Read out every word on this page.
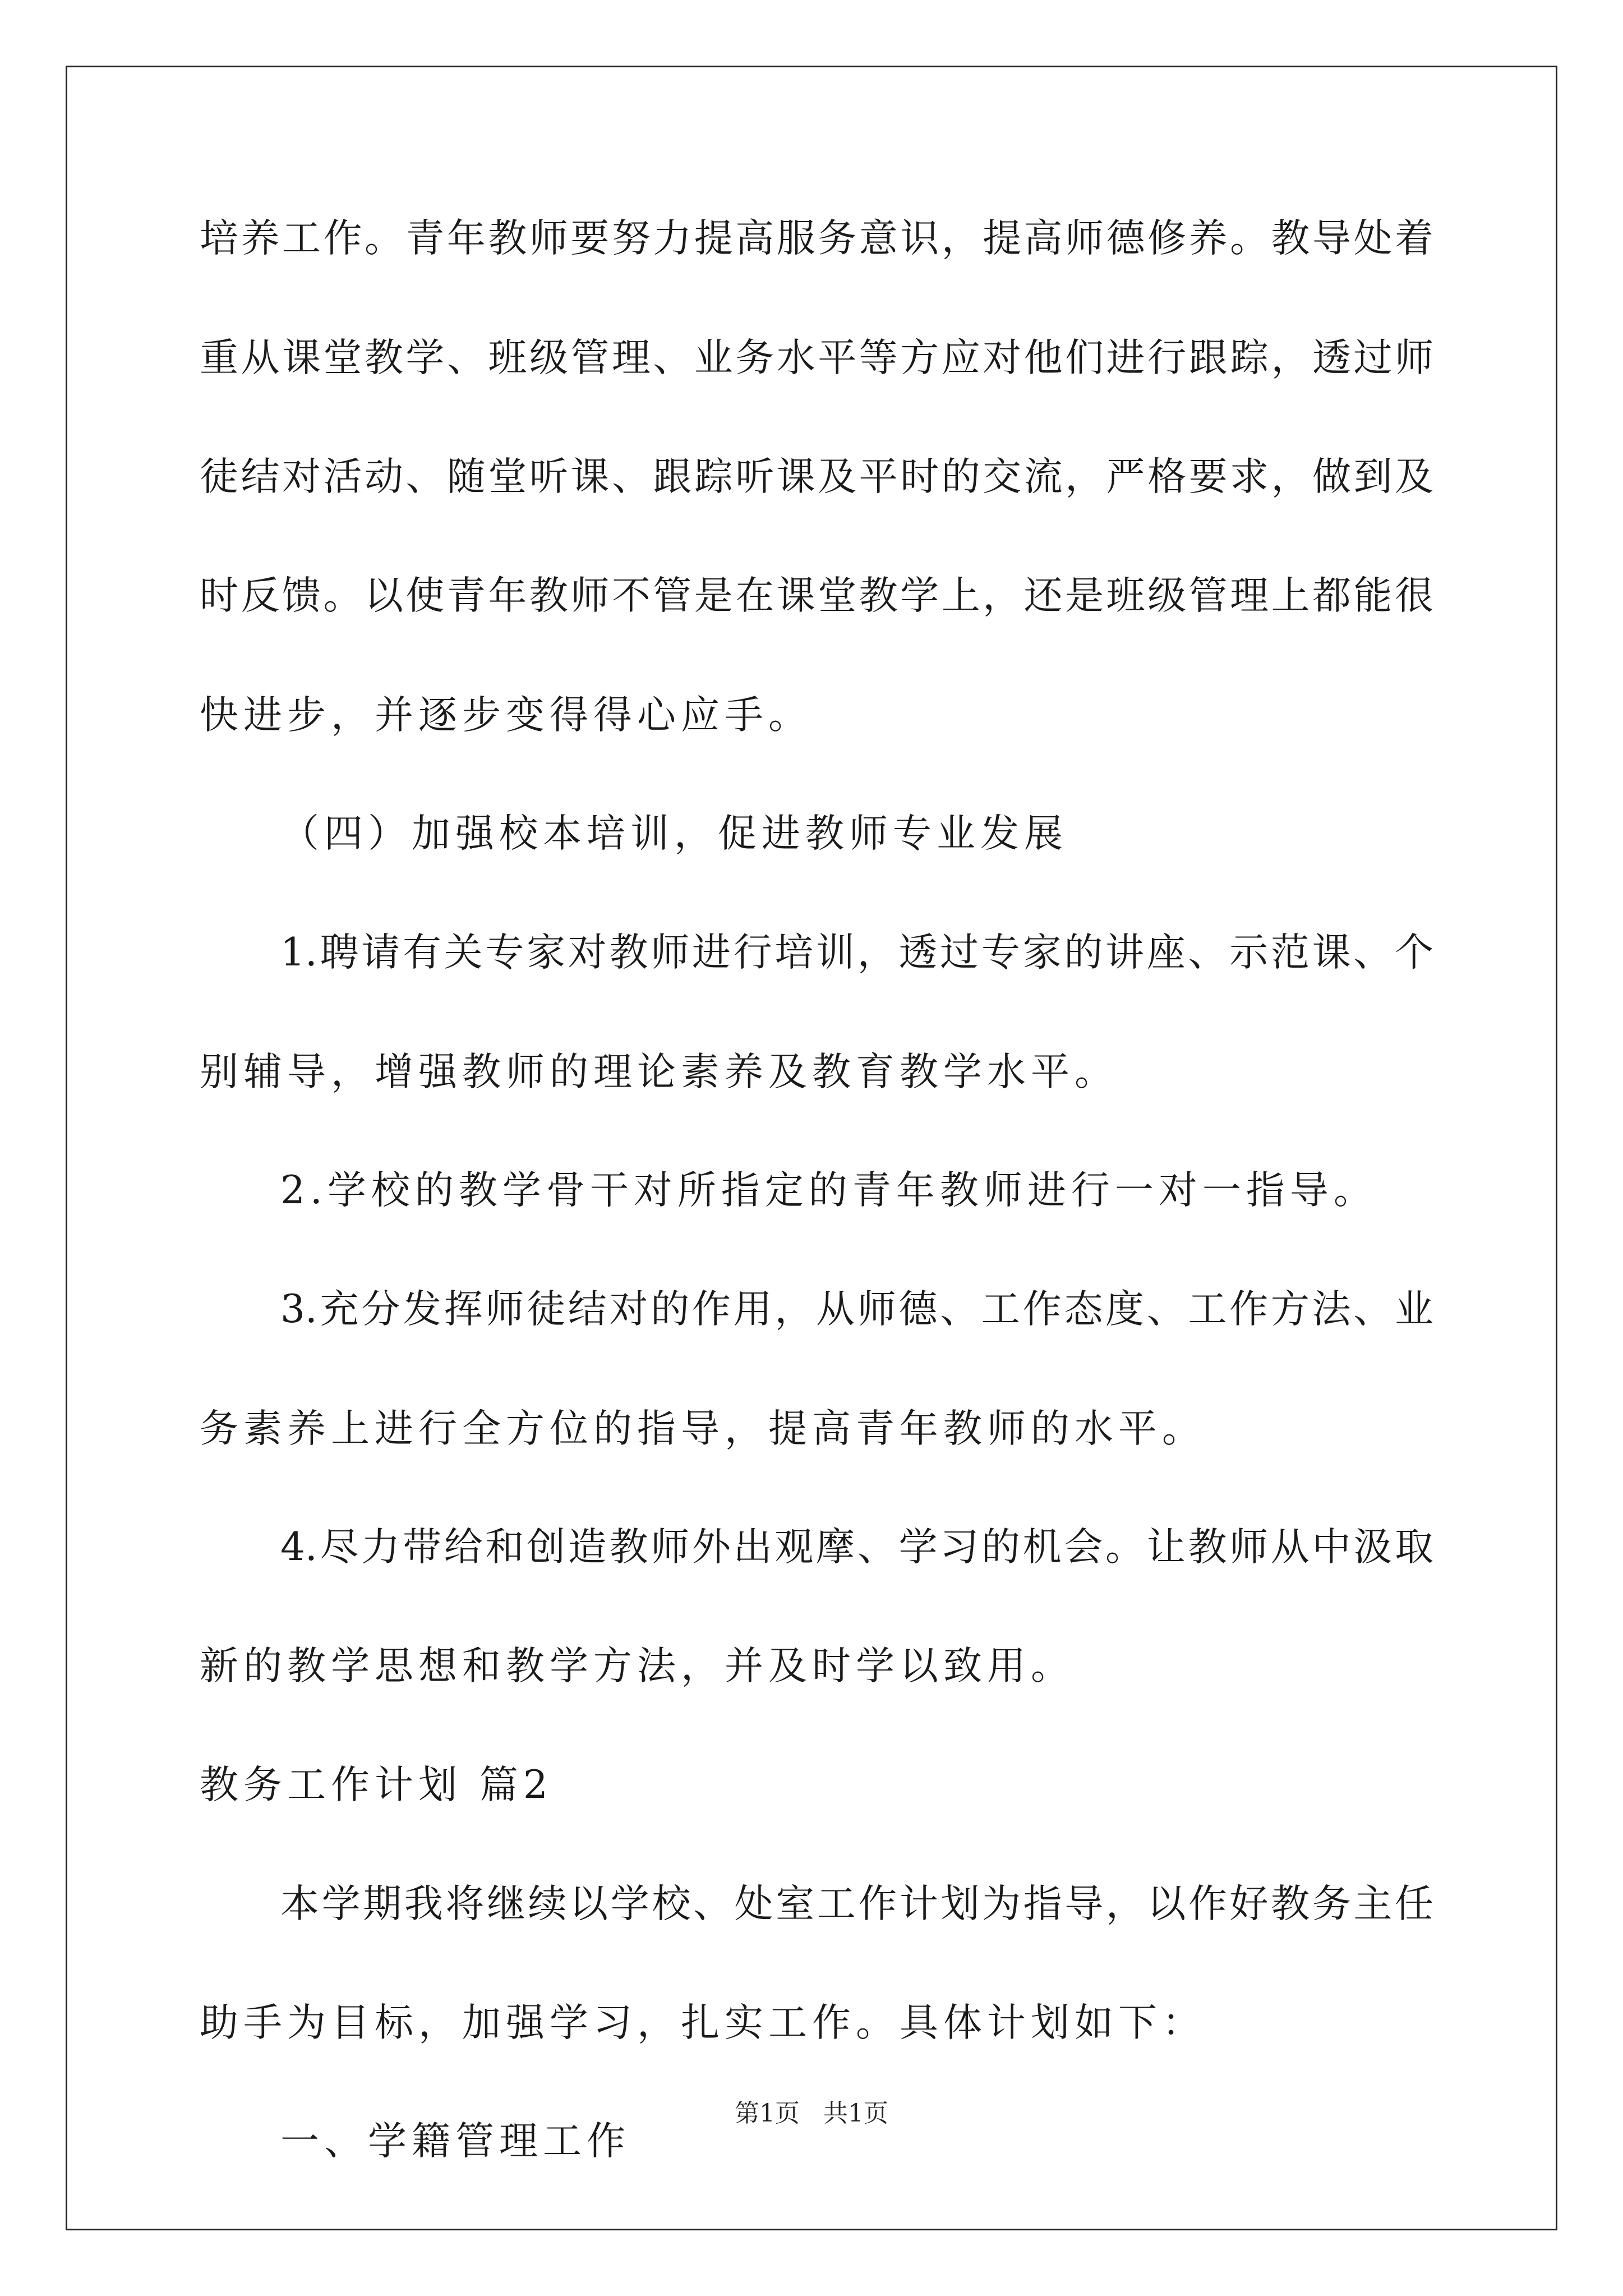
培养工作。青年教师要努力提高服务意识，提高师德修养。教导处着
重从课堂教学、班级管理、业务水平等方应对他们进行跟踪，透过师
徒结对活动、随堂听课、跟踪听课及平时的交流，严格要求，做到及
时反馈。以使青年教师不管是在课堂教学上，还是班级管理上都能很
快进步，并逐步变得得心应手。
（四）加强校本培训，促进教师专业发展
1.聘请有关专家对教师进行培训，透过专家的讲座、示范课、个
别辅导，增强教师的理论素养及教育教学水平。
2.学校的教学骨干对所指定的青年教师进行一对一指导。
3.充分发挥师徒结对的作用，从师德、工作态度、工作方法、业
务素养上进行全方位的指导，提高青年教师的水平。
4.尽力带给和创造教师外出观摩、学习的机会。让教师从中汲取
新的教学思想和教学方法，并及时学以致用。
教务工作计划 篇2
本学期我将继续以学校、处室工作计划为指导，以作好教务主任
助手为目标，加强学习，扎实工作。具体计划如下：
一、学籍管理工作
第1页   共1页
